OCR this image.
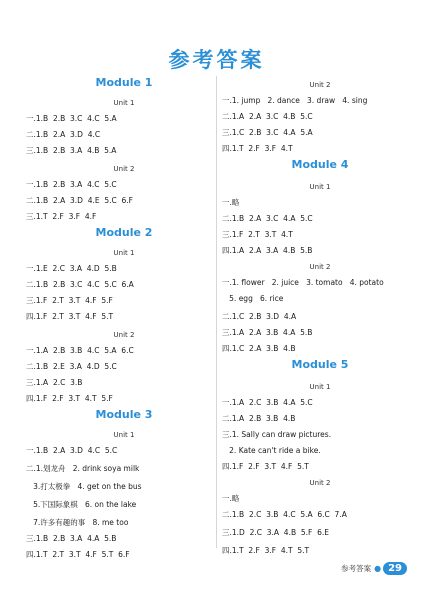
参考答案
Module 1
Unit 1
一.1.B  2.B  3.C  4.C  5.A
二.1.B  2.A  3.D  4.C
三.1.B  2.B  3.A  4.B  5.A
Unit 2
一.1.B  2.B  3.A  4.C  5.C
二.1.B  2.A  3.D  4.E  5.C  6.F
三.1.T  2.F  3.F  4.F
Module 2
Unit 1
一.1.E  2.C  3.A  4.D  5.B
二.1.B  2.B  3.C  4.C  5.C  6.A
三.1.F  2.T  3.T  4.F  5.F
四.1.F  2.T  3.T  4.F  5.T
Unit 2
一.1.A  2.B  3.B  4.C  5.A  6.C
二.1.B  2.E  3.A  4.D  5.C
三.1.A  2.C  3.B
四.1.F  2.F  3.T  4.T  5.F
Module 3
Unit 1
一.1.B  2.A  3.D  4.C  5.C
二.1.划龙舟   2. drink soya milk
3.打太极拳   4. get on the bus
5.下国际象棋   6. on the lake
7.许多有趣的事   8. me too
三.1.B  2.B  3.A  4.A  5.B
四.1.T  2.T  3.T  4.F  5.T  6.F
Unit 2
一.1. jump   2. dance   3. draw   4. sing
二.1.A  2.A  3.C  4.B  5.C
三.1.C  2.B  3.C  4.A  5.A
四.1.T  2.F  3.F  4.T
Module 4
Unit 1
一.略
二.1.B  2.A  3.C  4.A  5.C
三.1.F  2.T  3.T  4.T
四.1.A  2.A  3.A  4.B  5.B
Unit 2
一.1. flower   2. juice   3. tomato   4. potato
5. egg   6. rice
二.1.C  2.B  3.D  4.A
三.1.A  2.A  3.B  4.A  5.B
四.1.C  2.A  3.B  4.B
Module 5
Unit 1
一.1.A  2.C  3.B  4.A  5.C
二.1.A  2.B  3.B  4.B
三.1. Sally can draw pictures.
2. Kate can't ride a bike.
四.1.F  2.F  3.T  4.F  5.T
Unit 2
一.略
二.1.B  2.C  3.B  4.C  5.A  6.C  7.A
三.1.D  2.C  3.A  4.B  5.F  6.E
四.1.T  2.F  3.F  4.T  5.T
参考答案 ● 29
